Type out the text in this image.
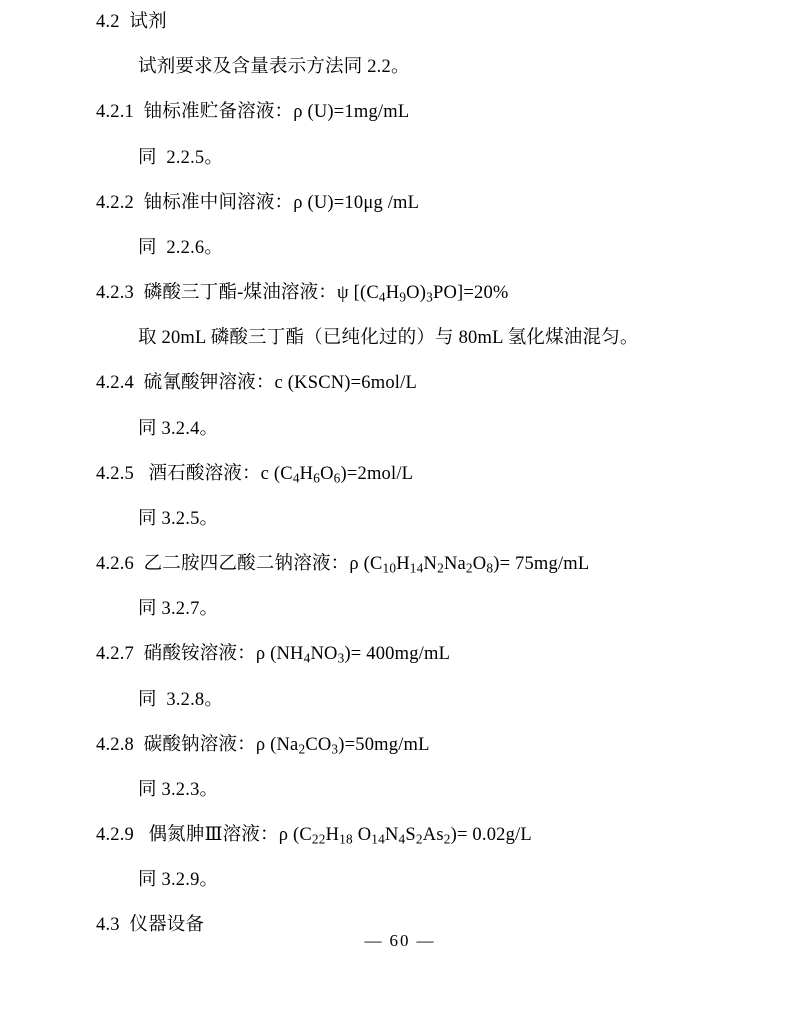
4.2  试剂

试剂要求及含量表示方法同 2.2。

4.2.1  铀标准贮备溶液：ρ (U)=1mg/mL

同  2.2.5。

4.2.2  铀标准中间溶液：ρ (U)=10μg /mL

同  2.2.6。

4.2.3  磷酸三丁酯-煤油溶液：ψ $[(C_4H_9O)_3PO]=20\%$

取 20mL 磷酸三丁酯（已纯化过的）与 80mL 氢化煤油混匀。

4.2.4  硫氰酸钾溶液：c (KSCN)=6mol/L

同 3.2.4。

4.2.5   酒石酸溶液：c $(C_4H_6O_6)=2mol/L$

同 3.2.5。

4.2.6  乙二胺四乙酸二钠溶液：ρ $(C_{10}H_{14}N_2Na_2O_8)= 75mg/mL$

同 3.2.7。

4.2.7  硝酸铵溶液：ρ $(NH_4NO_3)= 400mg/mL$

同  3.2.8。

4.2.8  碳酸钠溶液：ρ $(Na_2CO_3)=50mg/mL$

同 3.2.3。

4.2.9   偶氮胂Ⅲ溶液：ρ ($C_{22}H_{18}$ $O_{14}N_4S_2As_2)= 0.02g/L$

同 3.2.9。

4.3  仪器设备

— 60 —
